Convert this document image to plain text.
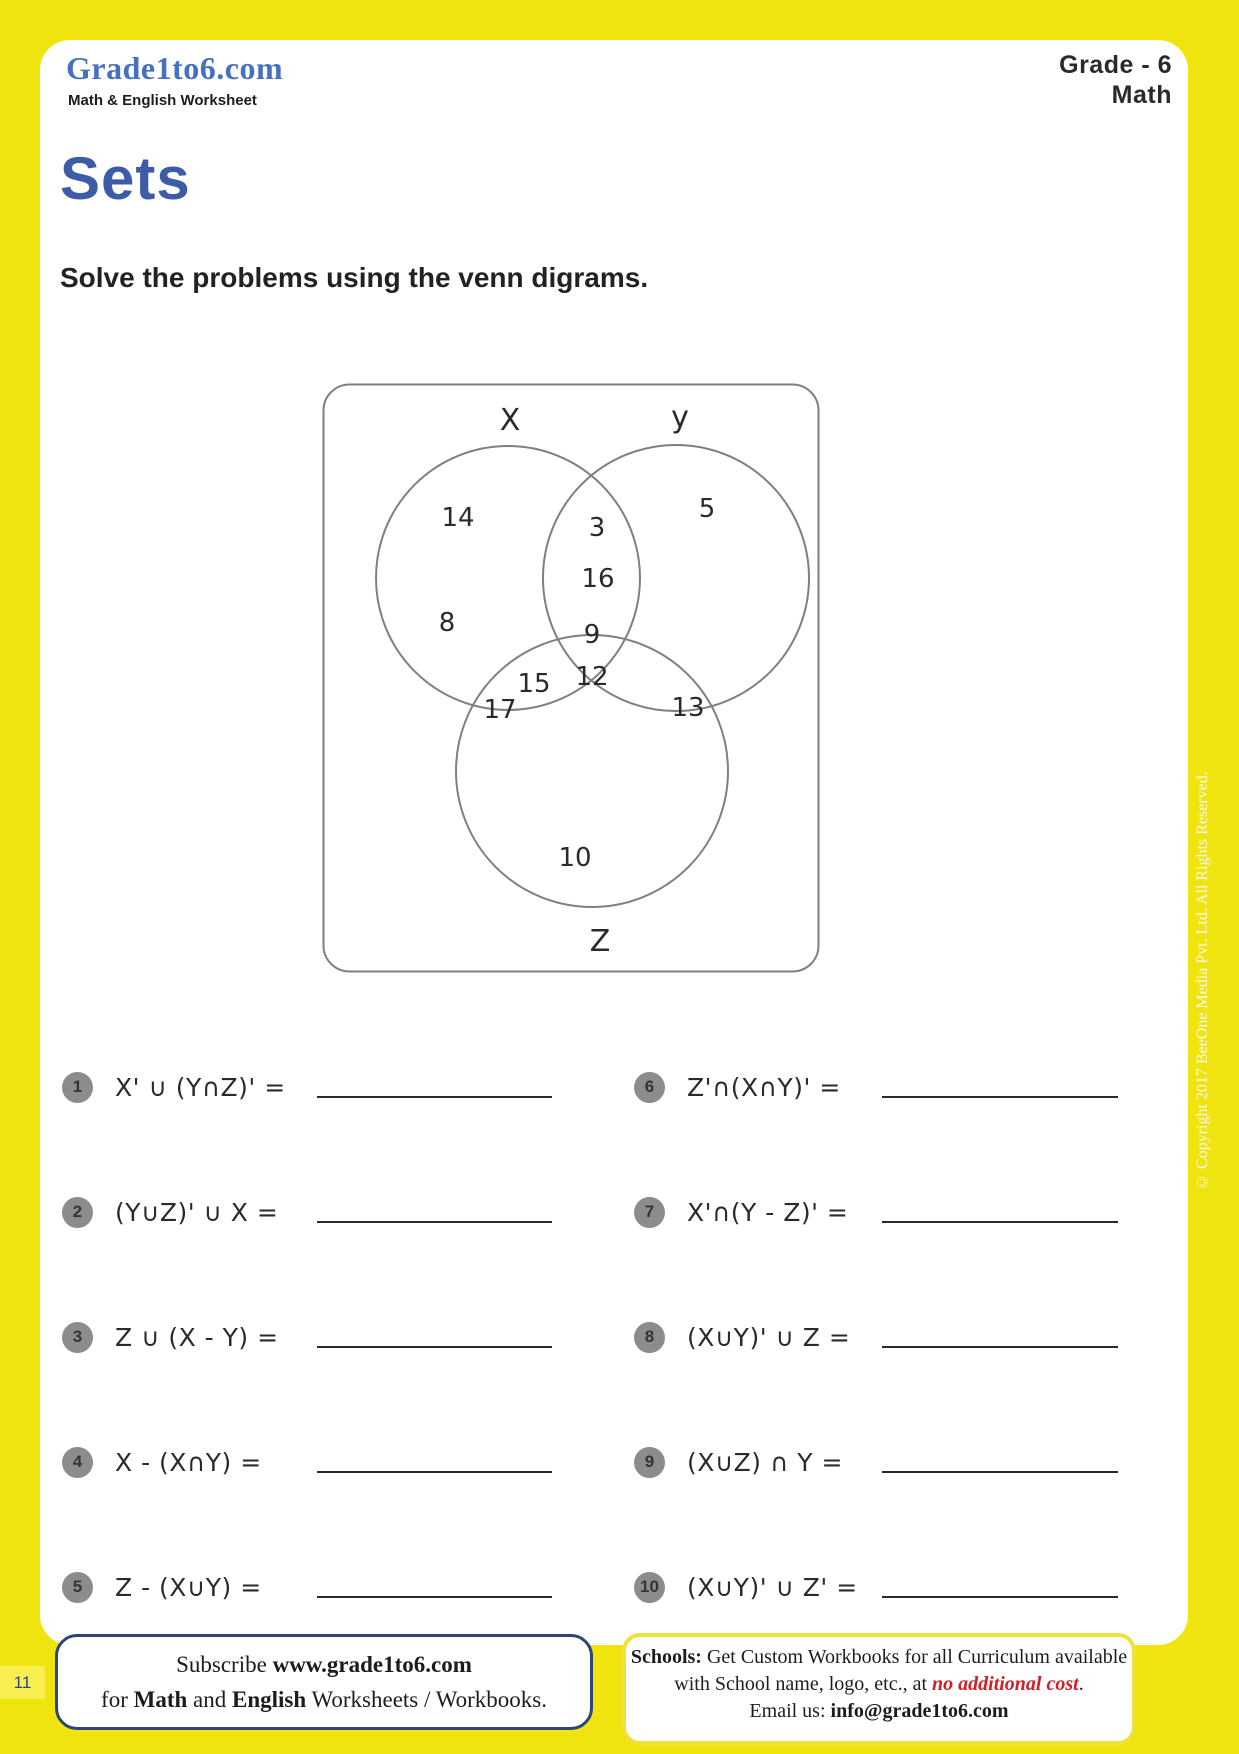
Grade1to6.com
Math & English Worksheet
Grade - 6
Math
Sets
Solve the problems using the venn digrams.
X	y
Z
14
8
3
16
5
9
12
15
17	13
10
1	X' ∪ (Y∩Z)' =
2	(Y∪Z)' ∪ X =
3	Z ∪ (X - Y) =
4	X - (X∩Y) =
5	Z - (X∪Y) =
6	Z'∩(X∩Y)' =
7	X'∩(Y - Z)' =
8	(X∪Y)' ∪ Z =
9	(X∪Z) ∩ Y =
10 (X∪Y)' ∪ Z' =
Subscribe www.grade1to6.com
for Math and English Worksheets / Workbooks.
Schools: Get Custom Workbooks for all Curriculum available
with School name, logo, etc., at no additional cost.
Email us: info@grade1to6.com
11
© Copyright 2017 BeeOne Media Pvt. Ltd. All Rights Reserved.
